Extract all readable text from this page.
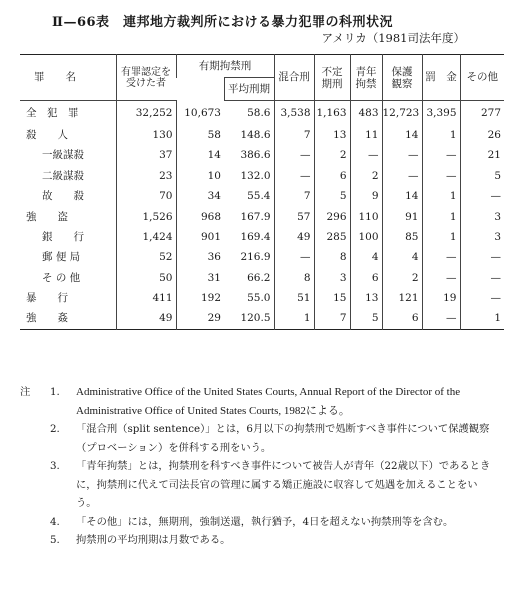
Ⅱ—66表　連邦地方裁判所における暴力犯罪の科刑状況
アメリカ（1981司法年度）
罪　　名	有罪認定を受けた者	有期拘禁刑		混合刑	不定期刑	青年拘禁	保護観察	罰　金	その他
			平均刑期						
全　犯　罪	32,252	10,673	58.6	3,538	1,163	483	12,723	3,395	277
殺　　人	130	58	148.6	7	13	11	14	1	26
一級謀殺	37	14	386.6	—	2	—	—	—	21
二級謀殺	23	10	132.0	—	6	2	—	—	5
故　　殺	70	34	55.4	7	5	9	14	1	—
強　　盗	1,526	968	167.9	57	296	110	91	1	3
銀　　行	1,424	901	169.4	49	285	100	85	1	3
郵 便 局	52	36	216.9	—	8	4	4	—	—
そ の 他	50	31	66.2	8	3	6	2	—	—
暴　　行	411	192	55.0	51	15	13	121	19	—
強　　姦	49	29	120.5	1	7	5	6	—	1
注	1.	Administrative Office of the United States Courts, Annual Report of the Director of the Administrative Office of United States Courts, 1982による。
2.	「混合刑（split sentence）」とは，6月以下の拘禁刑で処断すべき事件について保護観察（プロベーション）を併科する刑をいう。
3.	「青年拘禁」とは，拘禁刑を科すべき事件について被告人が青年（22歳以下）であるときに，拘禁刑に代えて司法長官の管理に属する矯正施設に収容して処遇を加えることをいう。
4.	「その他」には，無期刑，強制送還，執行猶予，4日を超えない拘禁刑等を含む。
5.	拘禁刑の平均刑期は月数である。
